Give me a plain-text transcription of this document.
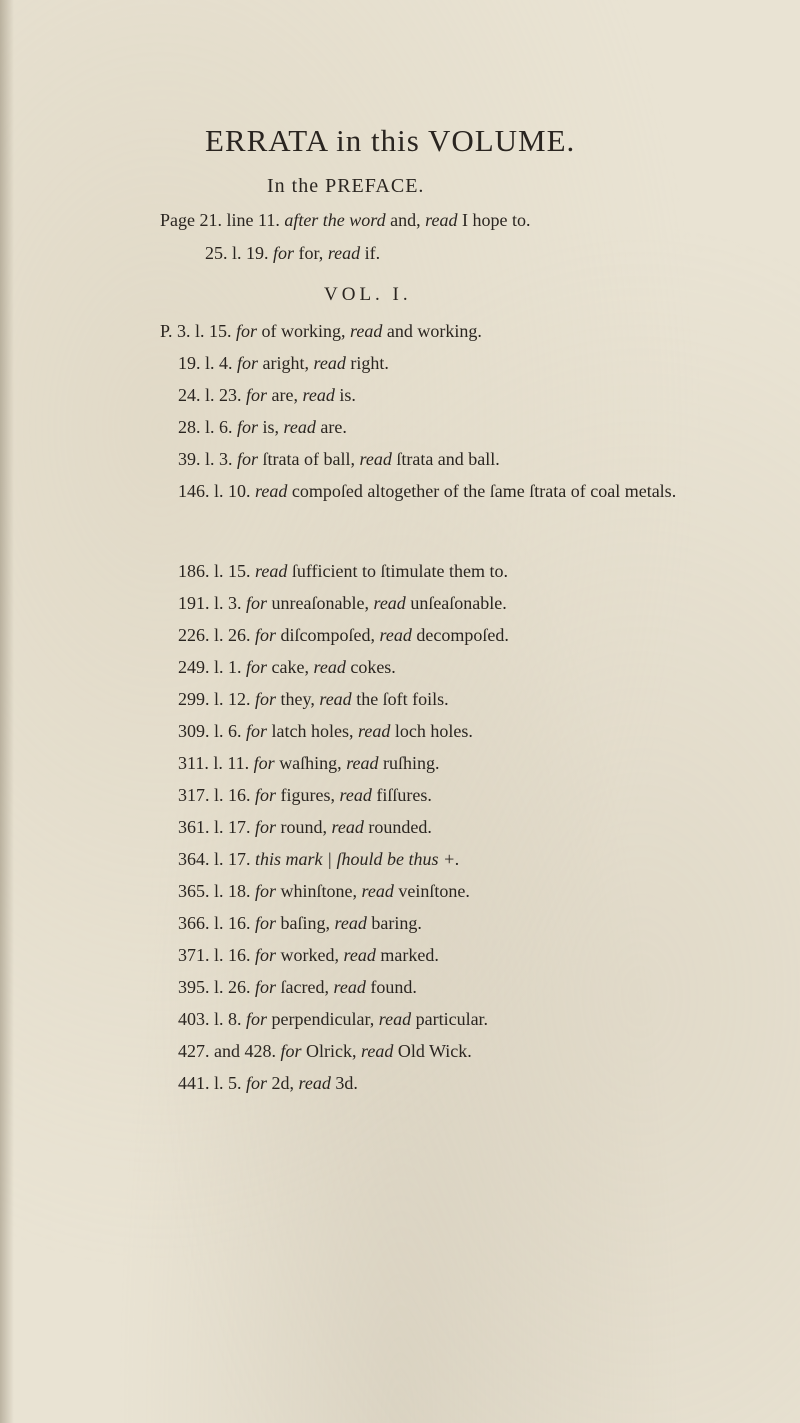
ERRATA in this VOLUME.
In the PREFACE.
Page 21. line 11. after the word and, read I hope to.
25. l. 19. for for, read if.
VOL. I.
P. 3. l. 15. for of working, read and working.
19. l. 4. for aright, read right.
24. l. 23. for are, read is.
28. l. 6. for is, read are.
39. l. 3. for ſtrata of ball, read ſtrata and ball.
146. l. 10. read compoſed altogether of the ſame ſtrata of coal metals.
186. l. 15. read ſufficient to ſtimulate them to.
191. l. 3. for unreaſonable, read unſeaſonable.
226. l. 26. for diſcompoſed, read decompoſed.
249. l. 1. for cake, read cokes.
299. l. 12. for they, read the ſoft foils.
309. l. 6. for latch holes, read loch holes.
311. l. 11. for waſhing, read ruſhing.
317. l. 16. for figures, read fiſſures.
361. l. 17. for round, read rounded.
364. l. 17. this mark | ſhould be thus +.
365. l. 18. for whinſtone, read veinſtone.
366. l. 16. for baſing, read baring.
371. l. 16. for worked, read marked.
395. l. 26. for ſacred, read found.
403. l. 8. for perpendicular, read particular.
427. and 428. for Olrick, read Old Wick.
441. l. 5. for 2d, read 3d.
